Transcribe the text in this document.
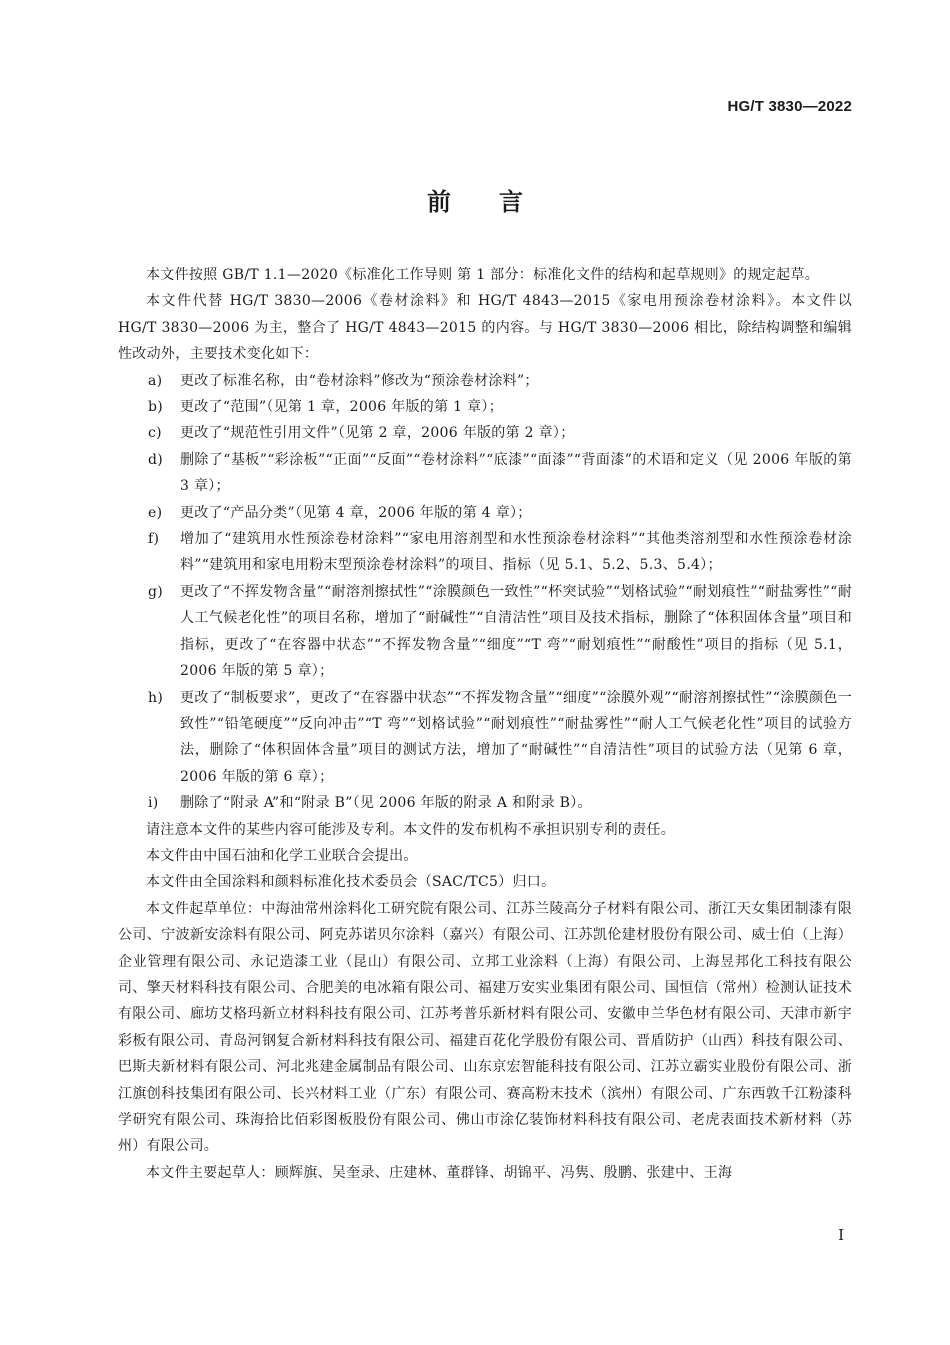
HG/T 3830—2022
前言

本文件按照 GB/T 1.1—2020《标准化工作导则 第 1 部分：标准化文件的结构和起草规则》的规定起草。

本文件代替 HG/T 3830—2006《卷材涂料》和 HG/T 4843—2015《家电用预涂卷材涂料》。本文件以 HG/T 3830—2006 为主，整合了 HG/T 4843—2015 的内容。与 HG/T 3830—2006 相比，除结构调整和编辑性改动外，主要技术变化如下：

a) 更改了标准名称，由“卷材涂料”修改为“预涂卷材涂料”；
b) 更改了“范围”（见第 1 章，2006 年版的第 1 章）；
c) 更改了“规范性引用文件”（见第 2 章，2006 年版的第 2 章）；
d) 删除了“基板”“彩涂板”“正面”“反面”“卷材涂料”“底漆”“面漆”“背面漆”的术语和定义（见 2006 年版的第 3 章）；
e) 更改了“产品分类”（见第 4 章，2006 年版的第 4 章）；
f) 增加了“建筑用水性预涂卷材涂料”“家电用溶剂型和水性预涂卷材涂料”“其他类溶剂型和水性预涂卷材涂料”“建筑用和家电用粉末型预涂卷材涂料”的项目、指标（见 5.1、5.2、5.3、5.4）；
g) 更改了“不挥发物含量”“耐溶剂擦拭性”“涂膜颜色一致性”“杯突试验”“划格试验”“耐划痕性”“耐盐雾性”“耐人工气候老化性”的项目名称，增加了“耐碱性”“自清洁性”项目及技术指标，删除了“体积固体含量”项目和指标，更改了“在容器中状态”“不挥发物含量”“细度”“T 弯”“耐划痕性”“耐酸性”项目的指标（见 5.1，2006 年版的第 5 章）；
h) 更改了“制板要求”，更改了“在容器中状态”“不挥发物含量”“细度”“涂膜外观”“耐溶剂擦拭性”“涂膜颜色一致性”“铅笔硬度”“反向冲击”“T 弯”“划格试验”“耐划痕性”“耐盐雾性”“耐人工气候老化性”项目的试验方法，删除了“体积固体含量”项目的测试方法，增加了“耐碱性”“自清洁性”项目的试验方法（见第 6 章，2006 年版的第 6 章）；
i) 删除了“附录 A”和“附录 B”（见 2006 年版的附录 A 和附录 B）。

请注意本文件的某些内容可能涉及专利。本文件的发布机构不承担识别专利的责任。

本文件由中国石油和化学工业联合会提出。

本文件由全国涂料和颜料标准化技术委员会（SAC/TC5）归口。

本文件起草单位：中海油常州涂料化工研究院有限公司、江苏兰陵高分子材料有限公司、浙江天女集团制漆有限公司、宁波新安涂料有限公司、阿克苏诺贝尔涂料（嘉兴）有限公司、江苏凯伦建材股份有限公司、威士伯（上海）企业管理有限公司、永记造漆工业（昆山）有限公司、立邦工业涂料（上海）有限公司、上海昱邦化工科技有限公司、擎天材料科技有限公司、合肥美的电冰箱有限公司、福建万安实业集团有限公司、国恒信（常州）检测认证技术有限公司、廊坊艾格玛新立材料科技有限公司、江苏考普乐新材料有限公司、安徽申兰华色材有限公司、天津市新宇彩板有限公司、青岛河钢复合新材料科技有限公司、福建百花化学股份有限公司、晋盾防护（山西）科技有限公司、巴斯夫新材料有限公司、河北兆建金属制品有限公司、山东京宏智能科技有限公司、江苏立霸实业股份有限公司、浙江旗创科技集团有限公司、长兴材料工业（广东）有限公司、赛高粉末技术（滨州）有限公司、广东西敦千江粉漆科学研究有限公司、珠海拾比佰彩图板股份有限公司、佛山市涂亿装饰材料科技有限公司、老虎表面技术新材料（苏州）有限公司。

本文件主要起草人：顾辉旗、吴奎录、庄建林、董群锋、胡锦平、冯隽、殷鹏、张建中、王海

I
